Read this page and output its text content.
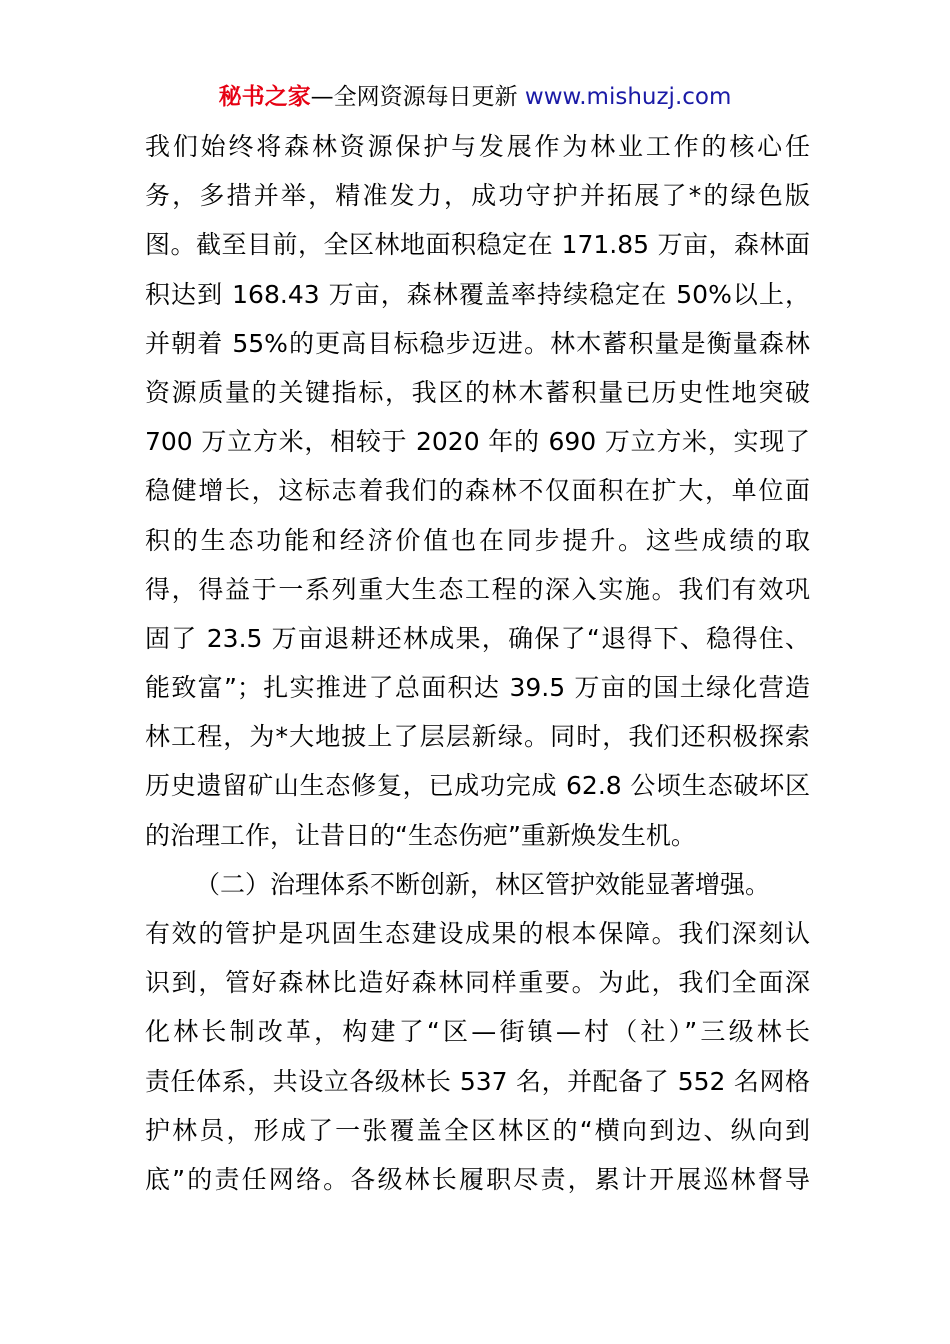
秘书之家—全网资源每日更新 www.mishuzj.com
我们始终将森林资源保护与发展作为林业工作的核心任
务，多措并举，精准发力，成功守护并拓展了*的绿色版
图。截至目前，全区林地面积稳定在 171.85 万亩，森林面
积达到 168.43 万亩，森林覆盖率持续稳定在 50%以上，
并朝着 55%的更高目标稳步迈进。林木蓄积量是衡量森林
资源质量的关键指标，我区的林木蓄积量已历史性地突破
700 万立方米，相较于 2020 年的 690 万立方米，实现了
稳健增长，这标志着我们的森林不仅面积在扩大，单位面
积的生态功能和经济价值也在同步提升。这些成绩的取
得，得益于一系列重大生态工程的深入实施。我们有效巩
固了 23.5 万亩退耕还林成果，确保了“退得下、稳得住、
能致富”；扎实推进了总面积达 39.5 万亩的国土绿化营造
林工程，为*大地披上了层层新绿。同时，我们还积极探索
历史遗留矿山生态修复，已成功完成 62.8 公顷生态破坏区
的治理工作，让昔日的“生态伤疤”重新焕发生机。
（二）治理体系不断创新，林区管护效能显著增强。
有效的管护是巩固生态建设成果的根本保障。我们深刻认
识到，管好森林比造好森林同样重要。为此，我们全面深
化林长制改革，构建了“区—街镇—村（社）”三级林长
责任体系，共设立各级林长 537 名，并配备了 552 名网格
护林员，形成了一张覆盖全区林区的“横向到边、纵向到
底”的责任网络。各级林长履职尽责，累计开展巡林督导
